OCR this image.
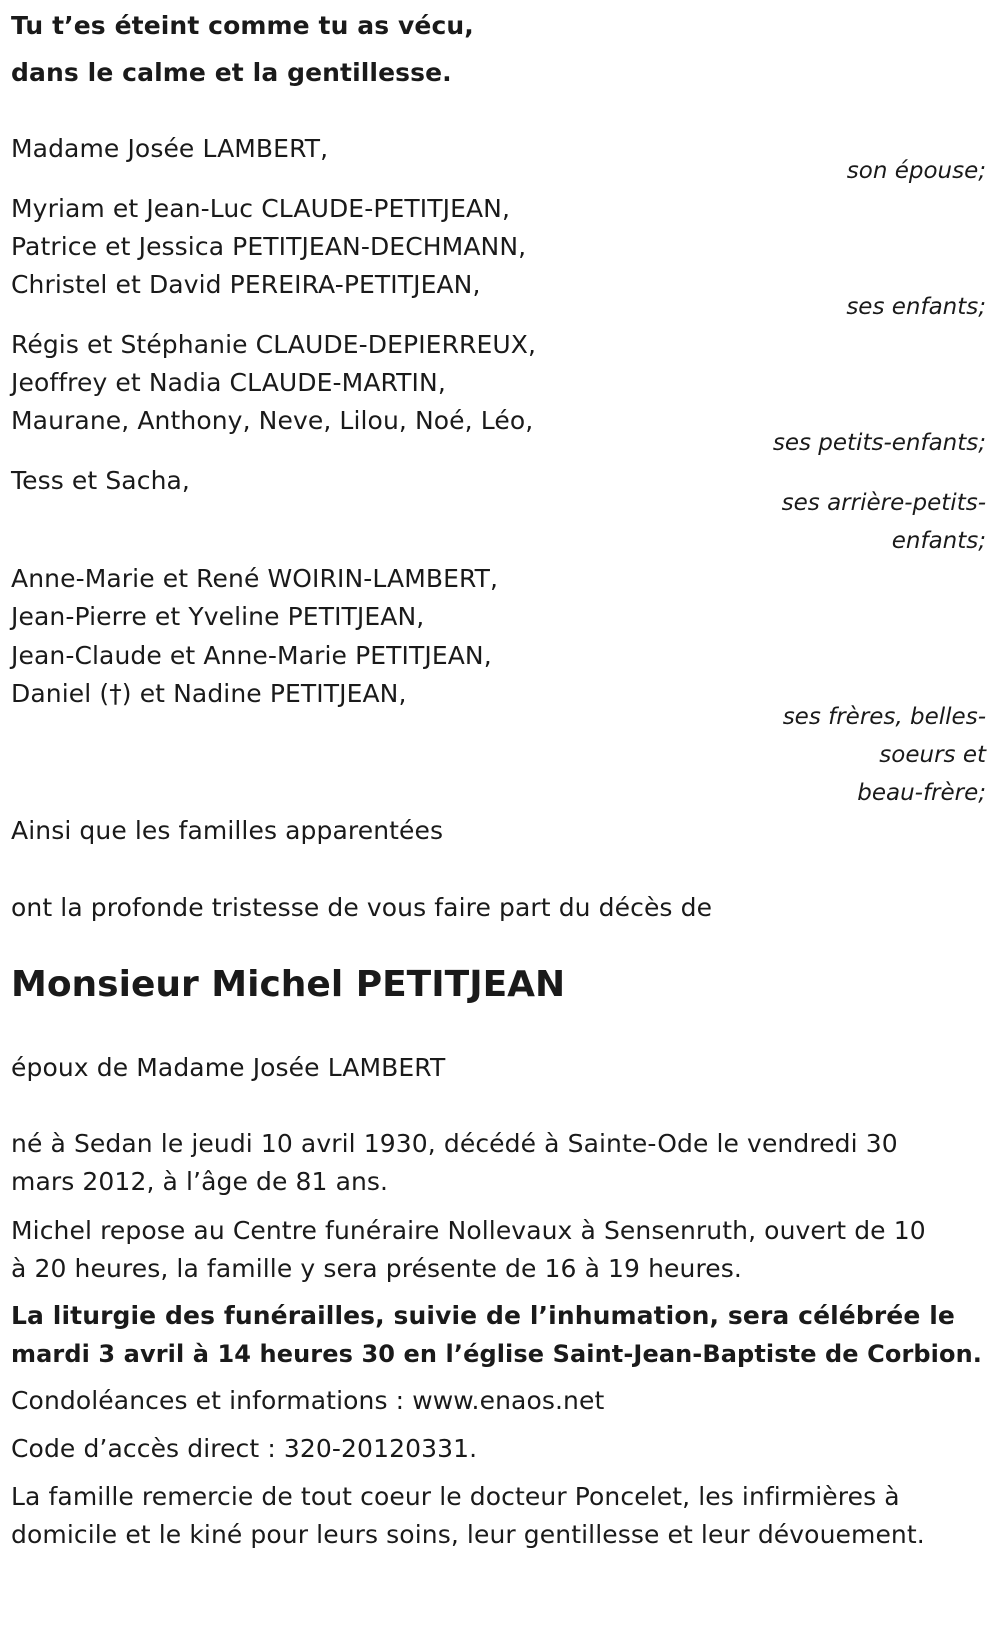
Tu t’es éteint comme tu as vécu,
dans le calme et la gentillesse.
Madame Josée LAMBERT,
son épouse;
Myriam et Jean-Luc CLAUDE-PETITJEAN,
Patrice et Jessica PETITJEAN-DECHMANN,
Christel et David PEREIRA-PETITJEAN,
ses enfants;
Régis et Stéphanie CLAUDE-DEPIERREUX,
Jeoffrey et Nadia CLAUDE-MARTIN,
Maurane, Anthony, Neve, Lilou, Noé, Léo,
ses petits-enfants;
Tess et Sacha,
ses arrière-petits-
enfants;
Anne-Marie et René WOIRIN-LAMBERT,
Jean-Pierre et Yveline PETITJEAN,
Jean-Claude et Anne-Marie PETITJEAN,
Daniel (†) et Nadine PETITJEAN,
ses frères, belles-
soeurs et
beau-frère;
Ainsi que les familles apparentées
ont la profonde tristesse de vous faire part du décès de
Monsieur Michel PETITJEAN
époux de Madame Josée LAMBERT
né à Sedan le jeudi 10 avril 1930, décédé à Sainte-Ode le vendredi 30
mars 2012, à l’âge de 81 ans.
Michel repose au Centre funéraire Nollevaux à Sensenruth, ouvert de 10
à 20 heures, la famille y sera présente de 16 à 19 heures.
La liturgie des funérailles, suivie de l’inhumation, sera célébrée le
mardi 3 avril à 14 heures 30 en l’église Saint-Jean-Baptiste de Corbion.
Condoléances et informations : www.enaos.net
Code d’accès direct : 320-20120331.
La famille remercie de tout coeur le docteur Poncelet, les infirmières à
domicile et le kiné pour leurs soins, leur gentillesse et leur dévouement.
